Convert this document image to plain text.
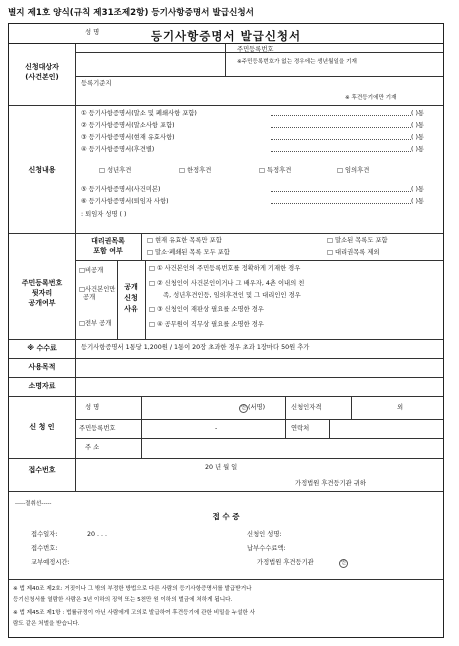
별지 제1호 양식(규칙 제31조제2항) 등기사항증명서 발급신청서
등기사항증명서 발급신청서
신청대상자
(사건본인)
성 명
주민등록번호
※주민등록번호가 없는 경우에는 생년월일을 기재
등록기준지
※ 후견등기에만 기재
신청내용
① 등기사항증명서(말소 및 폐쇄사항 포함)	( )통
② 등기사항증명서(말소사항 포함)	( )통
③ 등기사항증명서(현재 유효사항)	( )통
④ 등기사항증명서(후견별)	( )통
⑤ 등기사항증명서(사건미본)	( )통
⑥ 등기사항증명서(퇴임자 사항)	( )통
□ 성년후견	□ 한정후견	□ 특정후견	□ 임의후견
: 퇴임자 성명 ( )
대리권목록
포함 여부
□ 현재 유효한 목록만 포함	□ 말소된 목록도 포함
□ 말소·폐쇄된 목록 모두 포함	□ 대리권목록 제외
주민등록번호
뒷자리
공개여부
□비공개
□사건본인만
공개
□전부 공개
공개
신청
사유
□ ① 사건본인의 주민등록번호를 정확하게 기재한 경우
□ ② 신청인이 사건본인이거나 그 배우자, 4촌 이내의 친
족, 성년후견인등, 임의후견인 및 그 대리인인 경우
□ ③ 신청인이 재판상 필요를 소명한 경우
□ ④ 공무원이 직무상 필요를 소명한 경우
※ 수수료	등기사항증명서 1통당 1,200원 / 1통이 20장 초과한 경우 초과 1장마다 50원 추가
사용목적
소명자료
신 청 인
성 명	인 (서명)	신청인자격	외
주민등록번호	-	연락처
주 소
접수번호	20 년 월 일
가정법원 후견등기관 귀하
-----절취선-----
접 수 증
접수일자:	20 . . .
접수번호:
교부예정시간:
신청인 성명:
납부수수료액:
가정법원 후견등기관	인
※ 법 제40조 제2호: 거짓이나 그 밖의 부정한 방법으로 다른 사람의 등기사항증명서를 발급받거나
등기신청서를 열람한 사람은 3년 이하의 징역 또는 5천만 원 이하의 벌금에 처하게 됩니다.
※ 법 제45조 제1항 : 법률규정이 아닌 사람에게 고의로 발급하여 후견등기에 관한 비밀을 누설한 사
람도 같은 처벌을 받습니다.
